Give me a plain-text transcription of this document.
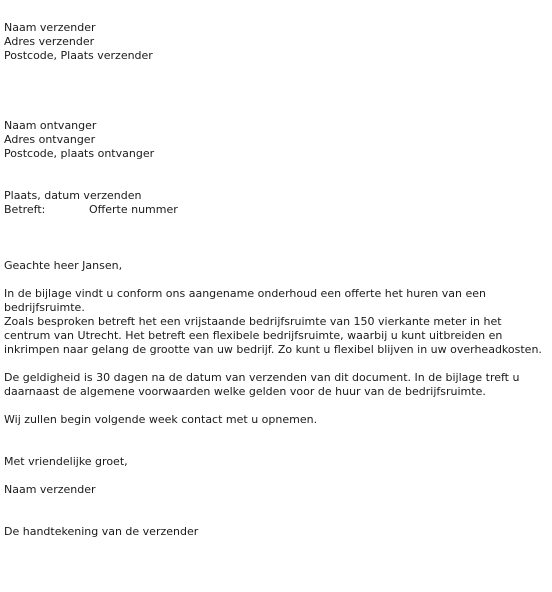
Naam verzender
Adres verzender
Postcode, Plaats verzender
Naam ontvanger
Adres ontvanger
Postcode, plaats ontvanger
Plaats, datum verzenden
Betreft:	Offerte nummer
Geachte heer Jansen,
In de bijlage vindt u conform ons aangename onderhoud een offerte het huren van een bedrijfsruimte.
Zoals besproken betreft het een vrijstaande bedrijfsruimte van 150 vierkante meter in het centrum van Utrecht. Het betreft een flexibele bedrijfsruimte, waarbij u kunt uitbreiden en inkrimpen naar gelang de grootte van uw bedrijf. Zo kunt u flexibel blijven in uw overheadkosten.
De geldigheid is 30 dagen na de datum van verzenden van dit document. In de bijlage treft u daarnaast de algemene voorwaarden welke gelden voor de huur van de bedrijfsruimte.
Wij zullen begin volgende week contact met u opnemen.
Met vriendelijke groet,
Naam verzender
De handtekening van de verzender
